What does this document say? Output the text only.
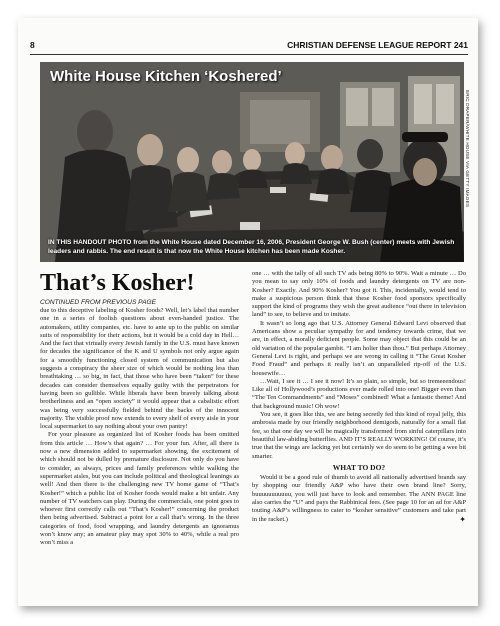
8	CHRISTIAN DEFENSE LEAGUE REPORT 241
White House Kitchen ‘Koshered’
IN THIS HANDOUT PHOTO from the White House dated December 16, 2006, President George W. Bush (center) meets with Jewish leaders and rabbis. The end result is that now the White House kitchen has been made Kosher.
ERIC DRAPER/WHITE HOUSE VIA GETTY IMAGES
That’s Kosher!

CONTINUED FROM PREVIOUS PAGE

due to this deceptive labeling of Kosher foods? Well, let’s label that number one in a series of foolish questions about even-handed justice. The automakers, utility companies, etc. have to ante up to the public on similar suits of responsibility for their actions, but it would be a cold day in Hell…And the fact that virtually every Jewish family in the U.S. must have known for decades the significance of the K and U symbols not only argue again for a smoothly functioning closed system of communication but also suggests a conspiracy the sheer size of which would be nothing less than breathtaking … so big, in fact, that those who have been “taken” for these decades can consider themselves equally guilty with the perpetrators for having been so gullible. While liberals have been bravely talking about brotherliness and an “open society” it would appear that a cabalistic effort was being very successfully fielded behind the backs of the innocent majority. The visible proof now extends to every shelf of every aisle in your local supermarket to say nothing about your own pantry!

For your pleasure as organized list of Kosher foods has been omitted from this article … How’s that again? … For your fun. After, all there is now a new dimension added to supermarket showing, the excitement of which should not be dulled by premature disclosure. Not only do you have to consider, as always, prices and family preferences while walking the supermarket aisles, but you can include political and theological leanings as well! And then there is the challenging new TV home game of “That’s Kosher!” which a public list of Kosher foods would make a bit unfair. Any number of TV watchers can play. During the commercials, one point goes to whoever first correctly calls out “That’s Kosher!” concerning the product then being advertised. Subtract a point for a call that’s wrong. In the three categories of food, food wrapping, and laundry detergents an ignoramus won’t know any; an amateur play may spot 30% to 40%, while a real pro won’t miss a

one … with the tally of all such TV ads being 80% to 90%. Wait a minute … Do you mean to say only 10% of foods and laundry detergents on TV are non-Kosher? Exactly. And 90% Kosher? You got it. This, incidentally, would tend to make a suspicious person think that these Kosher food sponsors specifically support the kind of programs they wish the great audience “out there in television land” to see, to believe and to imitate.

It wasn’t so long ago that U.S. Attorney General Edward Levi observed that Americans show a peculiar sympathy for and tendency towards crime, that we are, in effect, a morally deficient people. Some may object that this could be an old variation of the popular gambit. “I am holier than thou.” But perhaps Attorney General Levi is right, and perhaps we are wrong in calling it “The Great Kosher Food Fraud” and perhaps it really isn’t an unparalleled rip-off of the U.S. housewife…

…Wait, I see it … I see it now! It’s so plain, so simple, but so tremeeendous! Like all of Hollywood’s productions ever made rolled into one! Bigger even than “The Ten Commandments” and “Moses” combined! What a fantastic theme! And that background music! Oh wow!

You see, it goes like this, we are being secretly fed this kind of royal jelly, this ambrosia made by our friendly neighborhood demigods, naturally for a small flat fee, so that one day we will be magically transformed from sinful caterpillars into beautiful law-abiding butterflies. AND IT’S REALLY WORKING! Of course, it’s true that the wings are lacking yet but certainly we do seem to be getting a wee bit smarter.

WHAT TO DO?

Would it be a good rule of thumb to avoid all nationally advertised brands say by shopping our friendly A&P who have their own brand line? Sorry, buuuuuuuuuuu, you will just have to look and remember. The ANN PAGE line also carries the “U” and pays the Rabbinical fees. (See page 10 for an ad for A&P touting A&P’s willingness to cater to “kosher sensitive” customers and take part in the racket.)	✦
